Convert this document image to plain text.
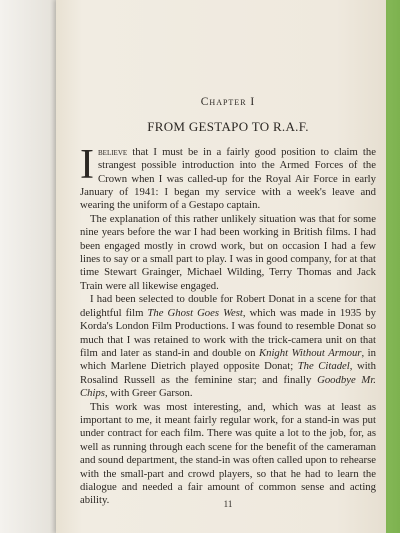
Chapter I
FROM GESTAPO TO R.A.F.

Ibelieve that I must be in a fairly good position to claim the strangest possible introduction into the Armed Forces of the Crown when I was called-up for the Royal Air Force in early January of 1941: I began my service with a week's leave and wearing the uniform of a Gestapo captain.

The explanation of this rather unlikely situation was that for some nine years before the war I had been working in British films. I had been engaged mostly in crowd work, but on occasion I had a few lines to say or a small part to play. I was in good company, for at that time Stewart Grainger, Michael Wilding, Terry Thomas and Jack Train were all likewise engaged.

I had been selected to double for Robert Donat in a scene for that delightful film The Ghost Goes West, which was made in 1935 by Korda's London Film Productions. I was found to resemble Donat so much that I was retained to work with the trick-camera unit on that film and later as stand-in and double on Knight Without Armour, in which Marlene Dietrich played opposite Donat; The Citadel, with Rosalind Russell as the feminine star; and finally Goodbye Mr. Chips, with Greer Garson.

This work was most interesting, and, which was at least as important to me, it meant fairly regular work, for a stand-in was put under contract for each film. There was quite a lot to the job, for, as well as running through each scene for the benefit of the cameraman and sound department, the stand-in was often called upon to rehearse with the small-part and crowd players, so that he had to learn the dialogue and needed a fair amount of common sense and acting ability.	11
